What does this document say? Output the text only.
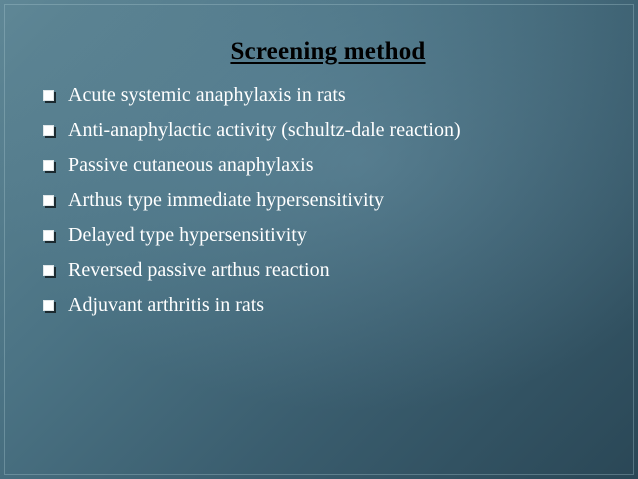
Screening method
Acute systemic anaphylaxis in rats
Anti-anaphylactic activity (schultz-dale reaction)
Passive cutaneous anaphylaxis
Arthus type immediate hypersensitivity
Delayed type hypersensitivity
Reversed passive arthus reaction
Adjuvant arthritis in rats
